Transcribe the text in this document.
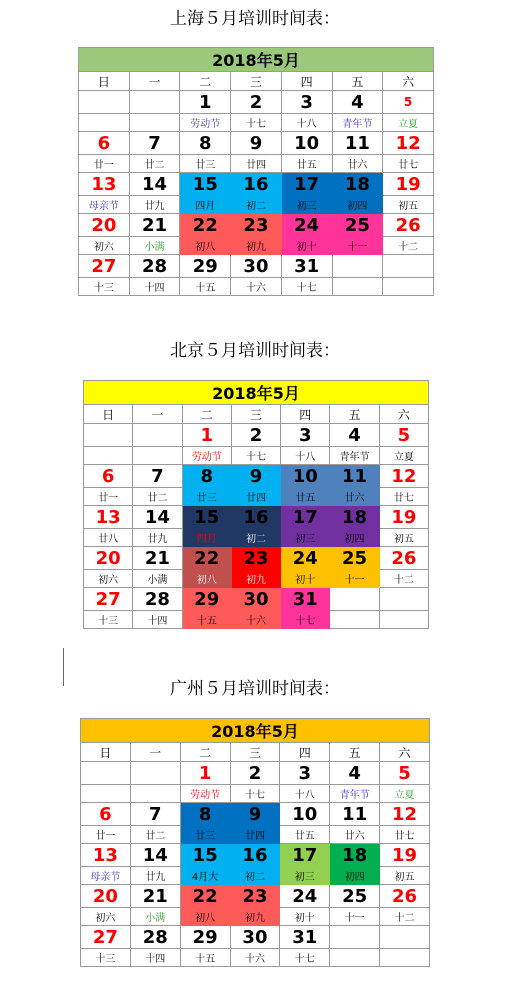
上海５月培训时间表：
2018年5月						
日	一	二	三	四	五	六
		1	2	3	4	5
		劳动节	十七	十八	青年节	立夏
6	7	8	9	10	11	12
廿一	廿二	廿三	廿四	廿五	廿六	廿七
13	14	15	16	17	18	19
母亲节	廿九	四月	初二	初三	初四	初五
20	21	22	23	24	25	26
初六	小满	初八	初九	初十	十一	十二
27	28	29	30	31		
十三	十四	十五	十六	十七		
北京５月培训时间表：
2018年5月						
日	一	二	三	四	五	六
		1	2	3	4	5
		劳动节	十七	十八	青年节	立夏
6	7	8	9	10	11	12
廿一	廿二	廿三	廿四	廿五	廿六	廿七
13	14	15	16	17	18	19
廿八	廿九	四月	初二	初三	初四	初五
20	21	22	23	24	25	26
初六	小满	初八	初九	初十	十一	十二
27	28	29	30	31		
十三	十四	十五	十六	十七		
广州５月培训时间表：
2018年5月						
日	一	二	三	四	五	六
		1	2	3	4	5
		劳动节	十七	十八	青年节	立夏
6	7	8	9	10	11	12
廿一	廿二	廿三	廿四	廿五	廿六	廿七
13	14	15	16	17	18	19
母亲节	廿九	4月大	初二	初三	初四	初五
20	21	22	23	24	25	26
初六	小满	初八	初九	初十	十一	十二
27	28	29	30	31		
十三	十四	十五	十六	十七		
